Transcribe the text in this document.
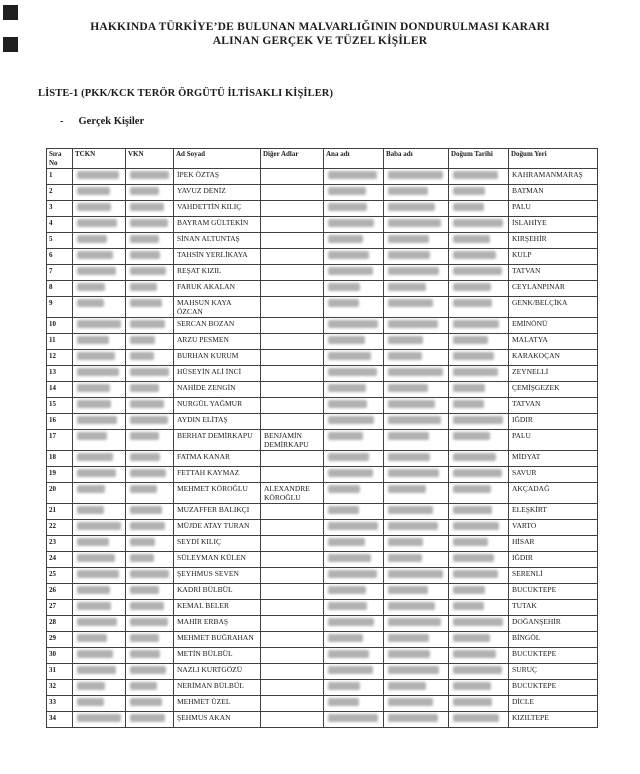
HAKKINDA TÜRKİYE’DE BULUNAN MALVARLIĞININ DONDURULMASI KARARI
ALINAN GERÇEK VE TÜZEL KİŞİLER
LİSTE-1 (PKK/KCK TERÖR ÖRGÜTÜ İLTİSAKLI KİŞİLER)
- Gerçek Kişiler
Sıra No	TCKN	VKN	Ad Soyad	Diğer Adlar	Ana adı	Baba adı	Doğum Tarihi	Doğum Yeri
1			İPEK ÖZTAŞ					KAHRAMANMARAŞ
2			YAVUZ DENİZ					BATMAN
3			VAHDETTİN KILIÇ					PALU
4			BAYRAM GÜLTEKİN					İSLAHİYE
5			SİNAN ALTUNTAŞ					KIRŞEHİR
6			TAHSİN YERLİKAYA					KULP
7			REŞAT KIZIL					TATVAN
8			FARUK AKALAN					CEYLANPINAR
9			MAHSUN KAYA ÖZCAN					GENK/BELÇİKA
10			SERCAN BOZAN					EMİNÖNÜ
11			ARZU PESMEN					MALATYA
12			BURHAN KURUM					KARAKOÇAN
13			HÜSEYİN ALİ İNCİ					ZEYNELLİ
14			NAHİDE ZENGİN					ÇEMİŞGEZEK
15			NURGÜL YAĞMUR					TATVAN
16			AYDIN ELİTAŞ					IĞDIR
17			BERHAT DEMİRKAPU	BENJAMİN DEMİRKAPU				PALU
18			FATMA KANAR					MİDYAT
19			FETTAH KAYMAZ					SAVUR
20			MEHMET KÖROĞLU	ALEXANDRE KÖROĞLU				AKÇADAĞ
21			MUZAFFER BALIKÇI					ELEŞKİRT
22			MÜJDE ATAY TURAN					VARTO
23			SEYDİ KILIÇ					HİSAR
24			SÜLEYMAN KÜLEN					IĞDIR
25			ŞEYHMUS SEVEN					SERENLİ
26			KADRİ BÜLBÜL					BUCUKTEPE
27			KEMAL BELER					TUTAK
28			MAHİR ERBAŞ					DOĞANŞEHİR
29			MEHMET BUĞRAHAN					BİNGÖL
30			METİN BÜLBÜL					BUCUKTEPE
31			NAZLI KURTGÖZÜ					SURUÇ
32			NERİMAN BÜLBÜL					BUCUKTEPE
33			MEHMET ÜZEL					DİCLE
34			ŞEHMUS AKAN					KIZILTEPE
